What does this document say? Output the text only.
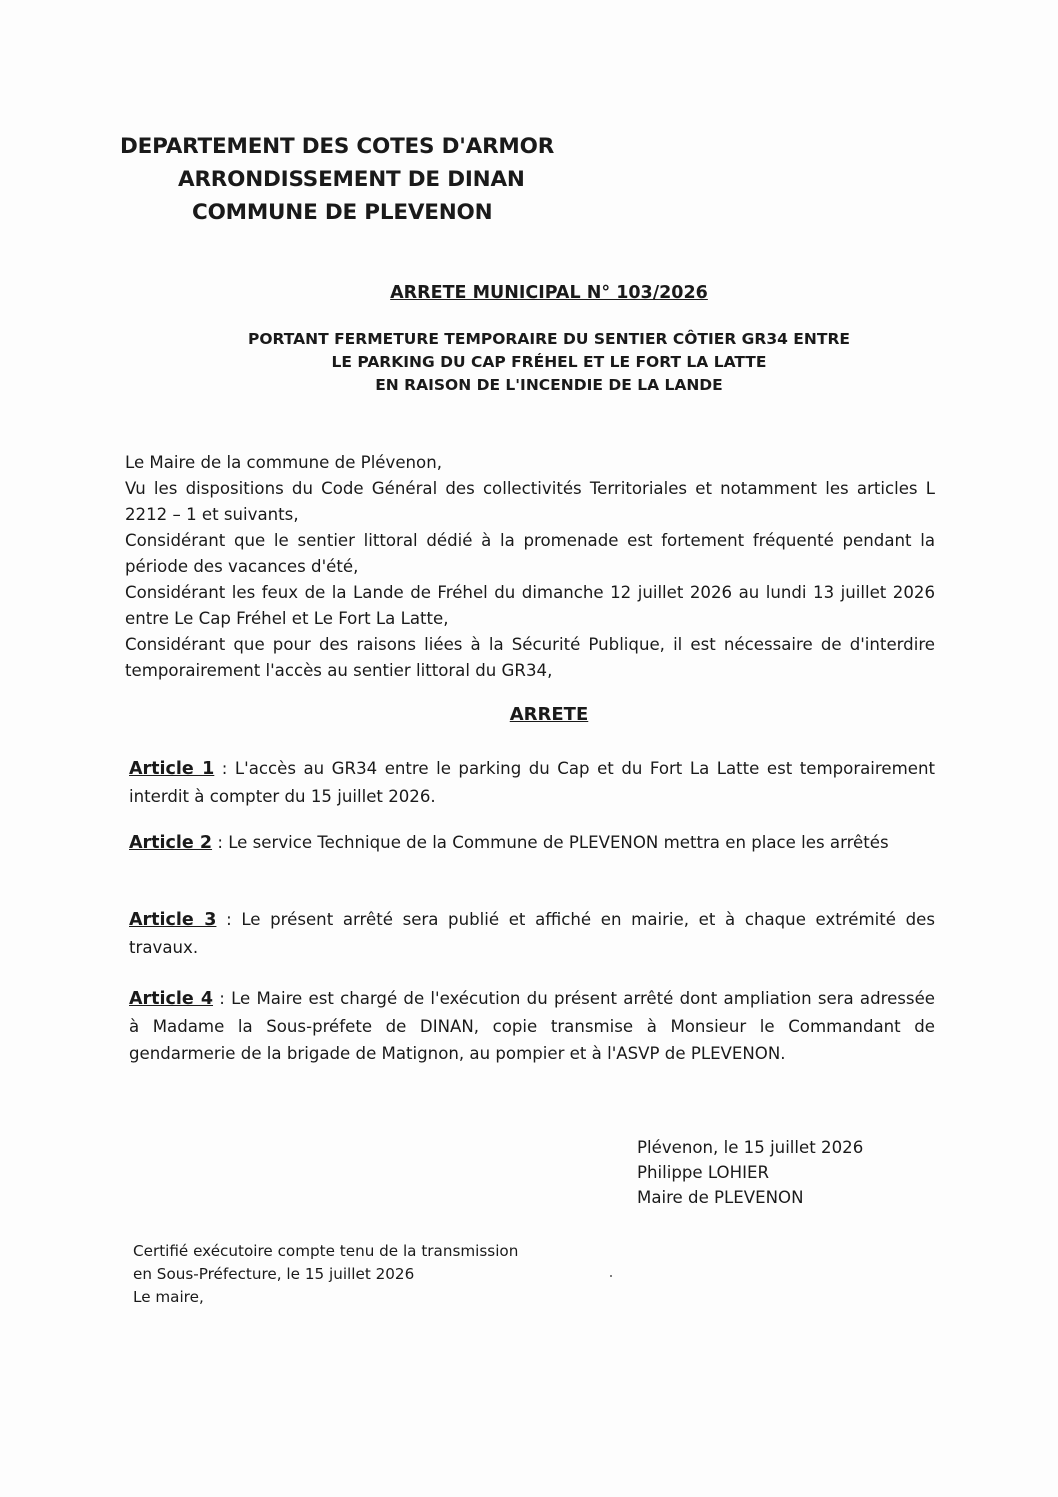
DEPARTEMENT DES COTES D'ARMOR
ARRONDISSEMENT DE DINAN
COMMUNE DE PLEVENON
ARRETE MUNICIPAL N° 103/2026
PORTANT FERMETURE TEMPORAIRE DU SENTIER CÔTIER GR34 ENTRE
LE PARKING DU CAP FRÉHEL ET LE FORT LA LATTE
EN RAISON DE L'INCENDIE DE LA LANDE

Le Maire de la commune de Plévenon,

Vu les dispositions du Code Général des collectivités Territoriales et notamment les articles L 2212 – 1 et suivants,

Considérant que le sentier littoral dédié à la promenade est fortement fréquenté pendant la période des vacances d'été,

Considérant les feux de la Lande de Fréhel du dimanche 12 juillet 2026 au lundi 13 juillet 2026 entre Le Cap Fréhel et Le Fort La Latte,

Considérant que pour des raisons liées à la Sécurité Publique, il est nécessaire de d'interdire temporairement l'accès au sentier littoral du GR34,

ARRETE
Article 1 : L'accès au GR34 entre le parking du Cap et du Fort La Latte est temporairement interdit à compter du 15 juillet 2026.
Article 2 : Le service Technique de la Commune de PLEVENON mettra en place les arrêtés
Article 3 : Le présent arrêté sera publié et affiché en mairie, et à chaque extrémité des travaux.
Article 4 : Le Maire est chargé de l'exécution du présent arrêté dont ampliation sera adressée à Madame la Sous-préfete de DINAN, copie transmise à Monsieur le Commandant de gendarmerie de la brigade de Matignon, au pompier et à l'ASVP de PLEVENON.
Plévenon, le 15 juillet 2026
Philippe LOHIER
Maire de PLEVENON
Certifié exécutoire compte tenu de la transmission
en Sous-Préfecture, le 15 juillet 2026
Le maire,
